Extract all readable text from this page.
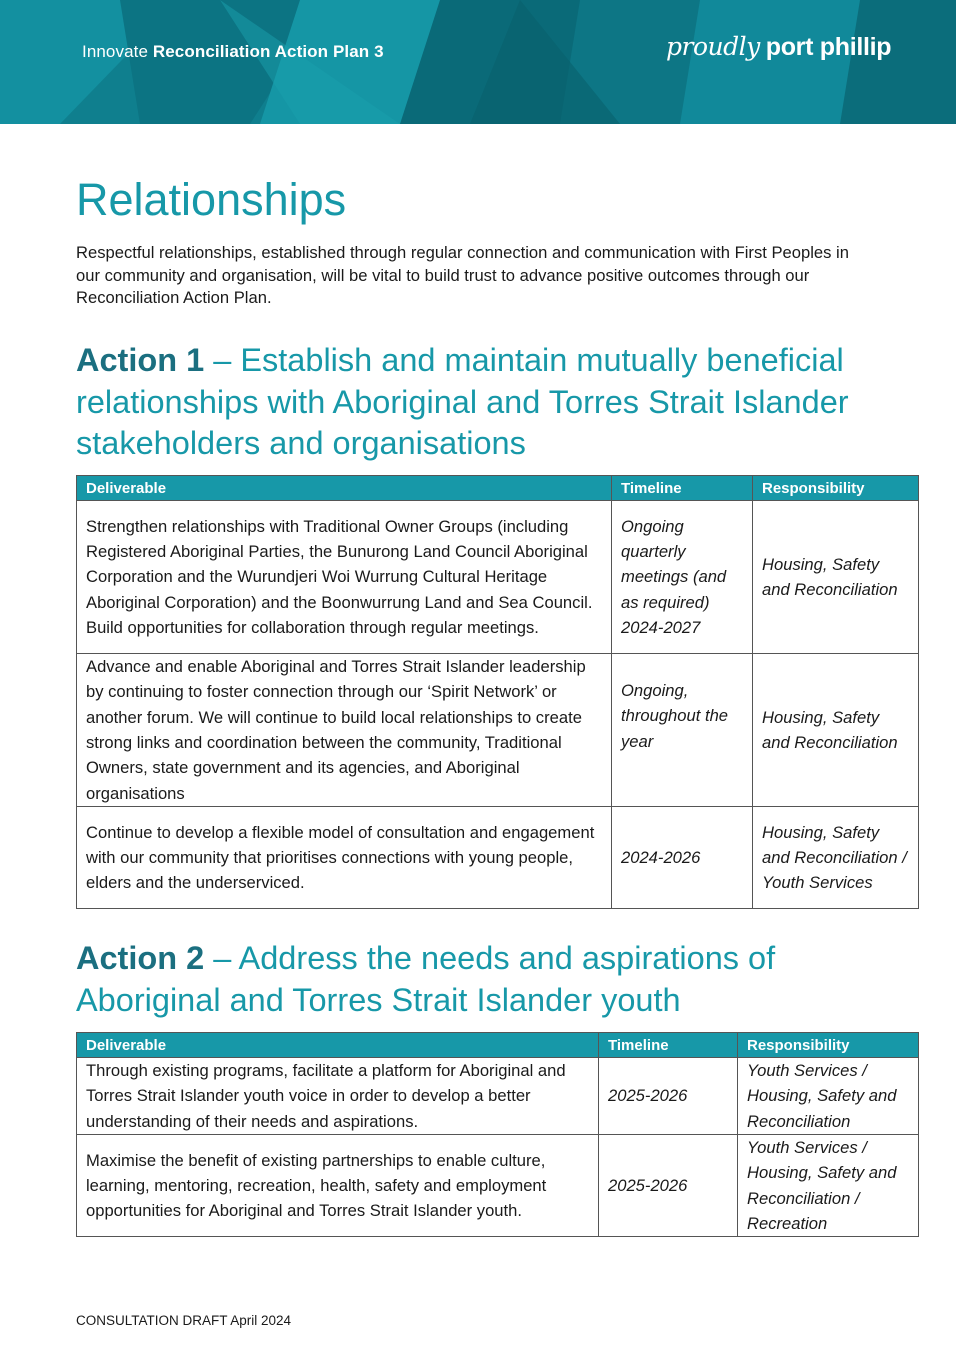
Innovate Reconciliation Action Plan 3	proudly port phillip
Relationships

Respectful relationships, established through regular connection and communication with First Peoples in our community and organisation, will be vital to build trust to advance positive outcomes through our Reconciliation Action Plan.

Action 1 – Establish and maintain mutually beneficial relationships with Aboriginal and Torres Strait Islander stakeholders and organisations
Deliverable	Timeline	Responsibility
Strengthen relationships with Traditional Owner Groups (including Registered Aboriginal Parties, the Bunurong Land Council Aboriginal Corporation and the Wurundjeri Woi Wurrung Cultural Heritage Aboriginal Corporation) and the Boonwurrung Land and Sea Council. Build opportunities for collaboration through regular meetings.	Ongoing quarterly meetings (and as required) 2024-2027	Housing, Safety and Reconciliation
Advance and enable Aboriginal and Torres Strait Islander leadership by continuing to foster connection through our ‘Spirit Network’ or another forum. We will continue to build local relationships to create strong links and coordination between the community, Traditional Owners, state government and its agencies, and Aboriginal organisations	Ongoing, throughout the year	Housing, Safety and Reconciliation
Continue to develop a flexible model of consultation and engagement with our community that prioritises connections with young people, elders and the underserviced.	2024-2026	Housing, Safety and Reconciliation / Youth Services
Action 2 – Address the needs and aspirations of Aboriginal and Torres Strait Islander youth
Deliverable	Timeline	Responsibility
Through existing programs, facilitate a platform for Aboriginal and Torres Strait Islander youth voice in order to develop a better understanding of their needs and aspirations.	2025-2026	Youth Services / Housing, Safety and Reconciliation
Maximise the benefit of existing partnerships to enable culture, learning, mentoring, recreation, health, safety and employment opportunities for Aboriginal and Torres Strait Islander youth.	2025-2026	Youth Services / Housing, Safety and Reconciliation / Recreation
CONSULTATION DRAFT April 2024
